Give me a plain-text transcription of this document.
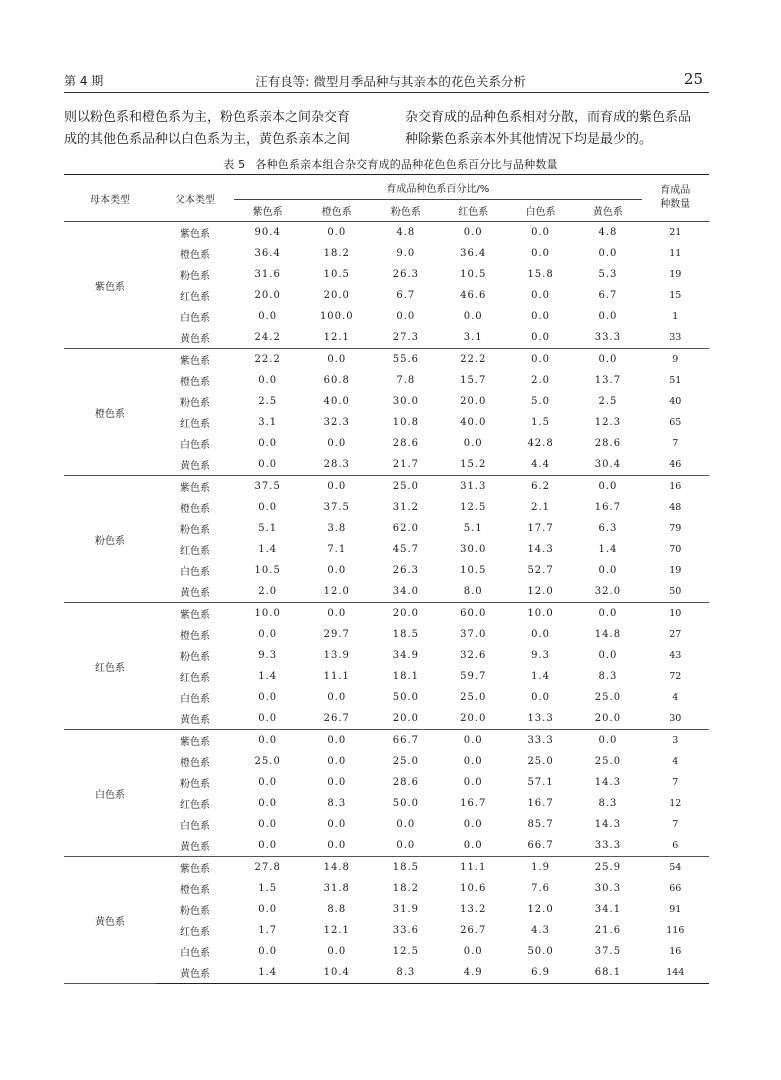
第 4 期	汪有良等: 微型月季品种与其亲本的花色关系分析	25
则以粉色系和橙色系为主，粉色系亲本之间杂交育
成的其他色系品种以白色系为主，黄色系亲本之间
杂交育成的品种色系相对分散，而育成的紫色系品
种除紫色系亲本外其他情况下均是最少的。
表 5 各种色系亲本组合杂交育成的品种花色色系百分比与品种数量
母本类型	父本类型	育成品种色系百分比/%						育成品
种数量

		紫色系	橙色系	粉色系	红色系	白色系	黄色系	
紫色系	紫色系	90.4	0.0	4.8	0.0	0.0	4.8	21
	橙色系	36.4	18.2	9.0	36.4	0.0	0.0	11
	粉色系	31.6	10.5	26.3	10.5	15.8	5.3	19
	红色系	20.0	20.0	6.7	46.6	0.0	6.7	15
	白色系	0.0	100.0	0.0	0.0	0.0	0.0	1
	黄色系	24.2	12.1	27.3	3.1	0.0	33.3	33
橙色系	紫色系	22.2	0.0	55.6	22.2	0.0	0.0	9
	橙色系	0.0	60.8	7.8	15.7	2.0	13.7	51
	粉色系	2.5	40.0	30.0	20.0	5.0	2.5	40
	红色系	3.1	32.3	10.8	40.0	1.5	12.3	65
	白色系	0.0	0.0	28.6	0.0	42.8	28.6	7
	黄色系	0.0	28.3	21.7	15.2	4.4	30.4	46
粉色系	紫色系	37.5	0.0	25.0	31.3	6.2	0.0	16
	橙色系	0.0	37.5	31.2	12.5	2.1	16.7	48
	粉色系	5.1	3.8	62.0	5.1	17.7	6.3	79
	红色系	1.4	7.1	45.7	30.0	14.3	1.4	70
	白色系	10.5	0.0	26.3	10.5	52.7	0.0	19
	黄色系	2.0	12.0	34.0	8.0	12.0	32.0	50
红色系	紫色系	10.0	0.0	20.0	60.0	10.0	0.0	10
	橙色系	0.0	29.7	18.5	37.0	0.0	14.8	27
	粉色系	9.3	13.9	34.9	32.6	9.3	0.0	43
	红色系	1.4	11.1	18.1	59.7	1.4	8.3	72
	白色系	0.0	0.0	50.0	25.0	0.0	25.0	4
	黄色系	0.0	26.7	20.0	20.0	13.3	20.0	30
白色系	紫色系	0.0	0.0	66.7	0.0	33.3	0.0	3
	橙色系	25.0	0.0	25.0	0.0	25.0	25.0	4
	粉色系	0.0	0.0	28.6	0.0	57.1	14.3	7
	红色系	0.0	8.3	50.0	16.7	16.7	8.3	12
	白色系	0.0	0.0	0.0	0.0	85.7	14.3	7
	黄色系	0.0	0.0	0.0	0.0	66.7	33.3	6
黄色系	紫色系	27.8	14.8	18.5	11.1	1.9	25.9	54
	橙色系	1.5	31.8	18.2	10.6	7.6	30.3	66
	粉色系	0.0	8.8	31.9	13.2	12.0	34.1	91
	红色系	1.7	12.1	33.6	26.7	4.3	21.6	116
	白色系	0.0	0.0	12.5	0.0	50.0	37.5	16
	黄色系	1.4	10.4	8.3	4.9	6.9	68.1	144
